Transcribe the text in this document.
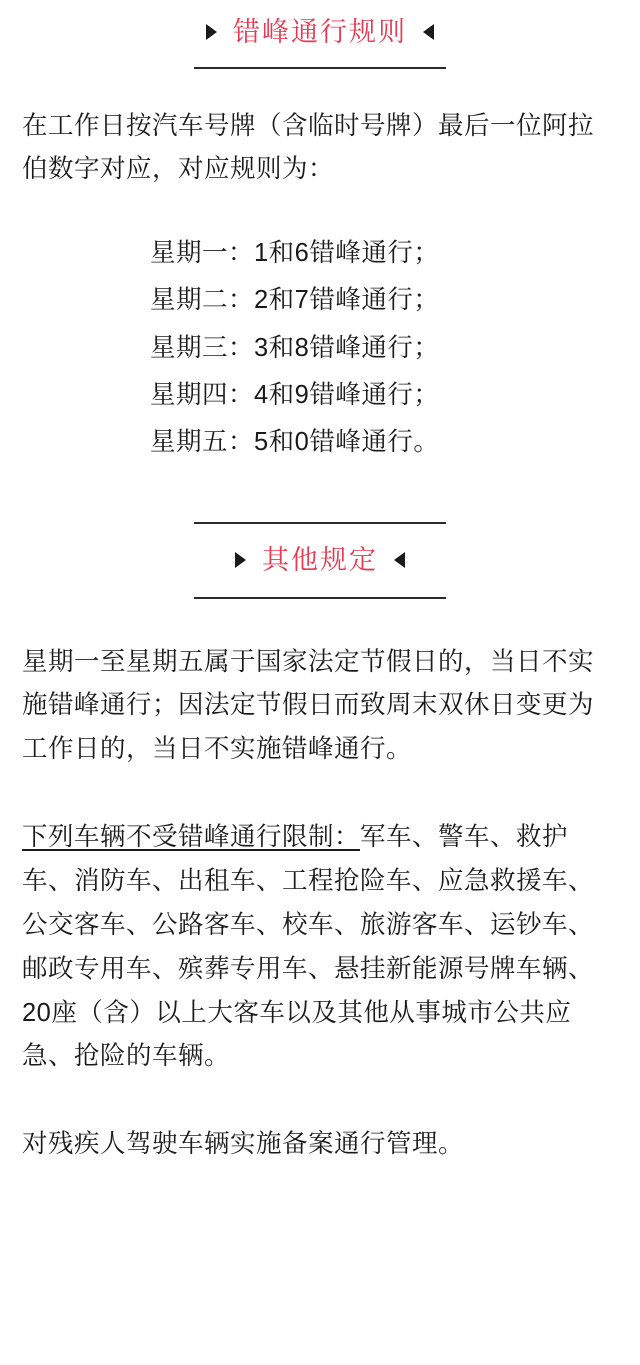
错峰通行规则

在工作日按汽车号牌（含临时号牌）最后一位阿拉伯数字对应，对应规则为：

星期一：1和6错峰通行；
星期二：2和7错峰通行；
星期三：3和8错峰通行；
星期四：4和9错峰通行；
星期五：5和0错峰通行。
其他规定

星期一至星期五属于国家法定节假日的，当日不实施错峰通行；因法定节假日而致周末双休日变更为工作日的，当日不实施错峰通行。

下列车辆不受错峰通行限制：军车、警车、救护车、消防车、出租车、工程抢险车、应急救援车、公交客车、公路客车、校车、旅游客车、运钞车、邮政专用车、殡葬专用车、悬挂新能源号牌车辆、20座（含）以上大客车以及其他从事城市公共应急、抢险的车辆。

对残疾人驾驶车辆实施备案通行管理。
